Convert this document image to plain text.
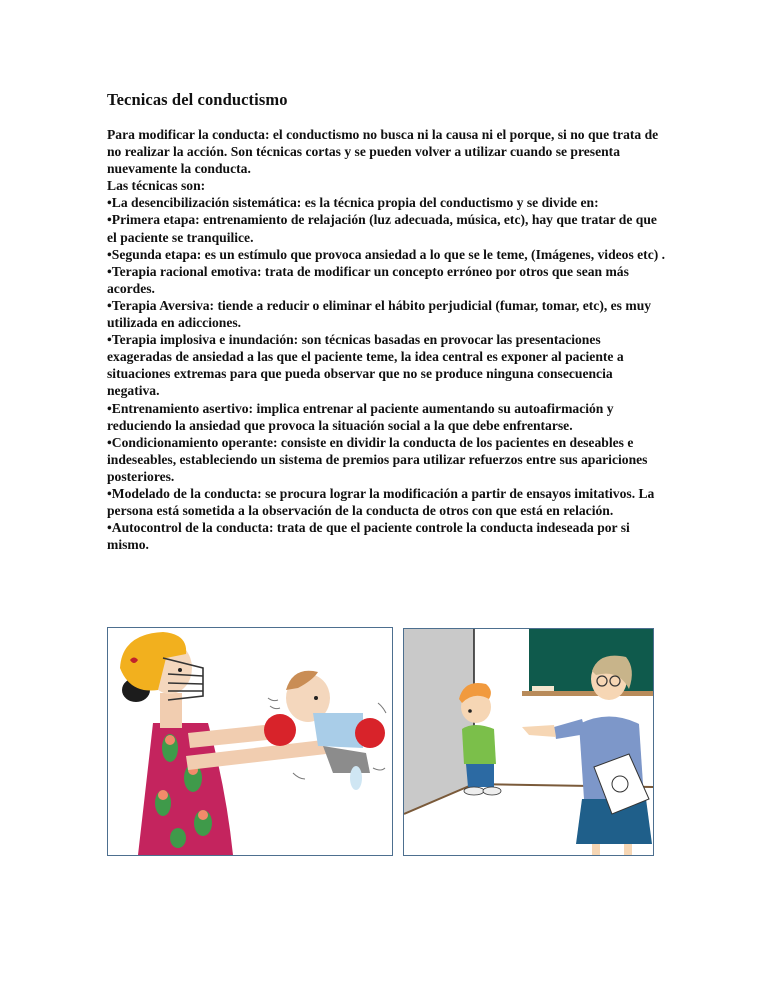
Tecnicas del conductismo

Para modificar la conducta: el conductismo no busca ni la causa ni el porque, si no que trata de no realizar la acción. Son técnicas cortas y se pueden volver a utilizar cuando se presenta nuevamente la conducta.

Las técnicas son:

•La desencibilización sistemática: es la técnica propia del conductismo y se divide en:

•Primera etapa: entrenamiento de relajación (luz adecuada, música, etc), hay que tratar de que el paciente se tranquilice.

•Segunda etapa: es un estímulo que provoca ansiedad a lo que se le teme, (Imágenes, videos etc) .

•Terapia racional emotiva: trata de modificar un concepto erróneo por otros que sean más acordes.

•Terapia Aversiva: tiende a reducir o eliminar el hábito perjudicial (fumar, tomar, etc), es muy utilizada en adicciones.

•Terapia implosiva e inundación: son técnicas basadas en provocar las presentaciones exageradas de ansiedad a las que el paciente teme, la idea central es exponer al paciente a situaciones extremas para que pueda observar que no se produce ninguna consecuencia negativa.

•Entrenamiento asertivo: implica entrenar al paciente aumentando su autoafirmación y reduciendo la ansiedad que provoca la situación social a la que debe enfrentarse.

•Condicionamiento operante: consiste en dividir la conducta de los pacientes en deseables e indeseables, estableciendo un sistema de premios para utilizar refuerzos entre sus apariciones posteriores.

•Modelado de la conducta: se procura lograr la modificación a partir de ensayos imitativos. La persona está sometida a la observación de la conducta de otros con que está en relación.

•Autocontrol de la conducta: trata de que el paciente controle la conducta indeseada por si mismo.
